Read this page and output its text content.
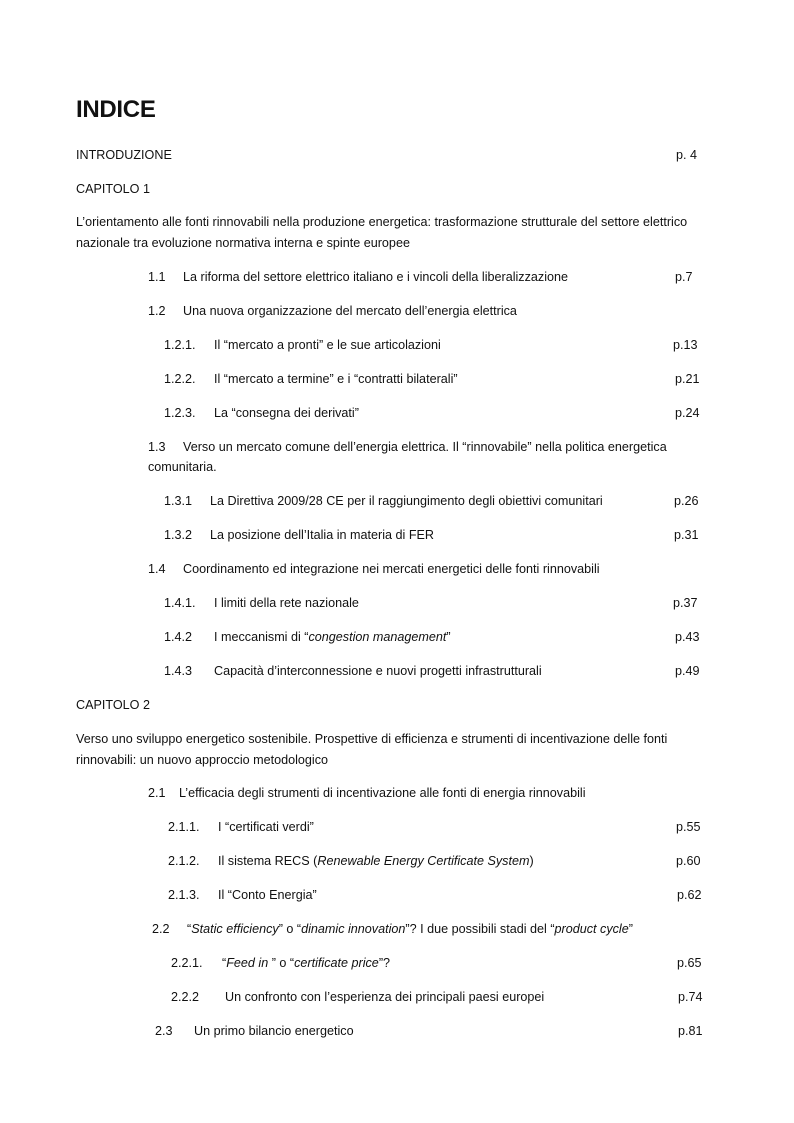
INDICE
INTRODUZIONE	p. 4
CAPITOLO 1
L’orientamento alle fonti rinnovabili nella produzione energetica: trasformazione strutturale del settore elettrico nazionale tra evoluzione normativa interna e spinte europee
1.1 La riforma del settore elettrico italiano e i vincoli della liberalizzazione	p.7
1.2 Una nuova organizzazione del mercato dell’energia elettrica
1.2.1. Il “mercato a pronti” e le sue articolazioni	p.13
1.2.2. Il “mercato a termine” e i “contratti bilaterali”	p.21
1.2.3. La “consegna dei derivati”	p.24
1.3 Verso un mercato comune dell’energia elettrica. Il “rinnovabile” nella politica energetica
comunitaria.
1.3.1 La Direttiva 2009/28 CE per il raggiungimento degli obiettivi comunitari	p.26
1.3.2 La posizione dell’Italia in materia di FER	p.31
1.4 Coordinamento ed integrazione nei mercati energetici delle fonti rinnovabili
1.4.1. I limiti della rete nazionale	p.37
1.4.2 I meccanismi di “congestion management”	p.43
1.4.3 Capacità d’interconnessione e nuovi progetti infrastrutturali	p.49
CAPITOLO 2
Verso uno sviluppo energetico sostenibile. Prospettive di efficienza e strumenti di incentivazione delle fonti rinnovabili: un nuovo approccio metodologico
2.1 L’efficacia degli strumenti di incentivazione alle fonti di energia rinnovabili
2.1.1. I “certificati verdi”	p.55
2.1.2. Il sistema RECS (Renewable Energy Certificate System)	p.60
2.1.3. Il “Conto Energia”	p.62
2.2 “Static efficiency” o “dinamic innovation”? I due possibili stadi del “product cycle”
2.2.1. “Feed in ” o “certificate price”?	p.65
2.2.2 Un confronto con l’esperienza dei principali paesi europei	p.74
2.3 Un primo bilancio energetico	p.81
